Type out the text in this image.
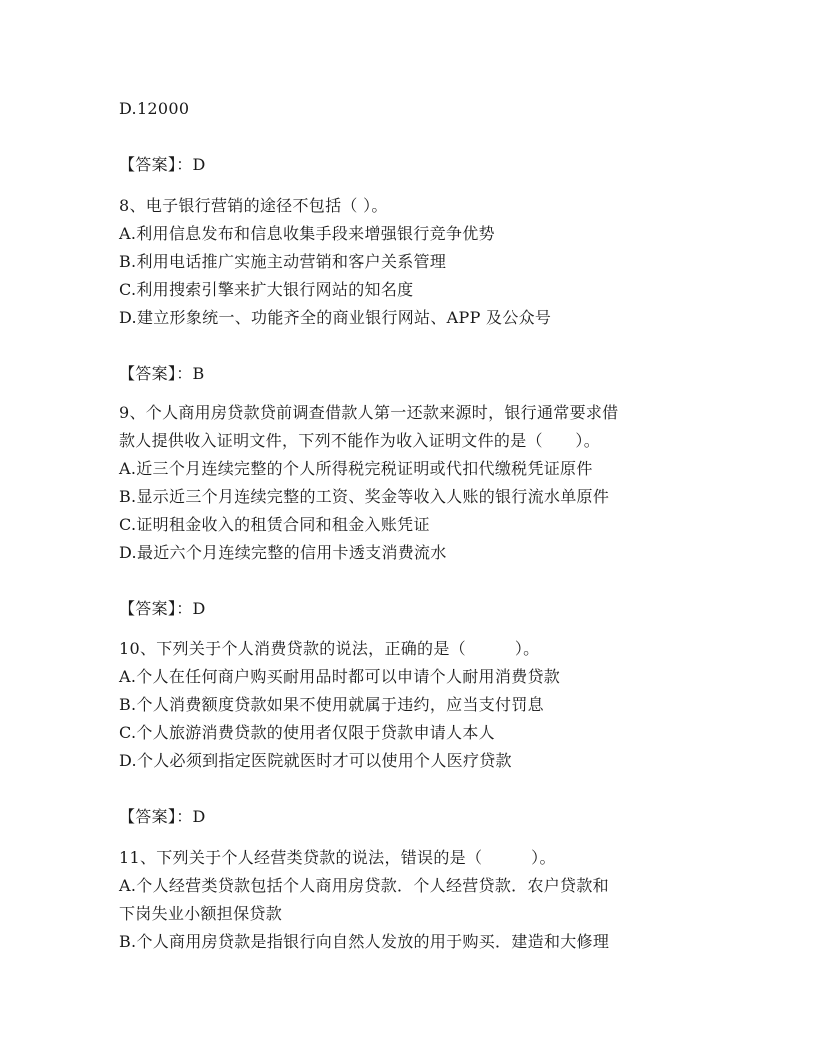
D.12000
【答案】：D
8、电子银行营销的途径不包括（ ）。
A.利用信息发布和信息收集手段来增强银行竞争优势
B.利用电话推广实施主动营销和客户关系管理
C.利用搜索引擎来扩大银行网站的知名度
D.建立形象统一、功能齐全的商业银行网站、APP 及公众号
【答案】：B
9、个人商用房贷款贷前调查借款人第一还款来源时，银行通常要求借
款人提供收入证明文件，下列不能作为收入证明文件的是（　　）。
A.近三个月连续完整的个人所得税完税证明或代扣代缴税凭证原件
B.显示近三个月连续完整的工资、奖金等收入人账的银行流水单原件
C.证明租金收入的租赁合同和租金入账凭证
D.最近六个月连续完整的信用卡透支消费流水
【答案】：D
10、下列关于个人消费贷款的说法，正确的是（　　　）。
A.个人在任何商户购买耐用品时都可以申请个人耐用消费贷款
B.个人消费额度贷款如果不使用就属于违约，应当支付罚息
C.个人旅游消费贷款的使用者仅限于贷款申请人本人
D.个人必须到指定医院就医时才可以使用个人医疗贷款
【答案】：D
11、下列关于个人经营类贷款的说法，错误的是（　　　）。
A.个人经营类贷款包括个人商用房贷款．个人经营贷款．农户贷款和
下岗失业小额担保贷款
B.个人商用房贷款是指银行向自然人发放的用于购买．建造和大修理
